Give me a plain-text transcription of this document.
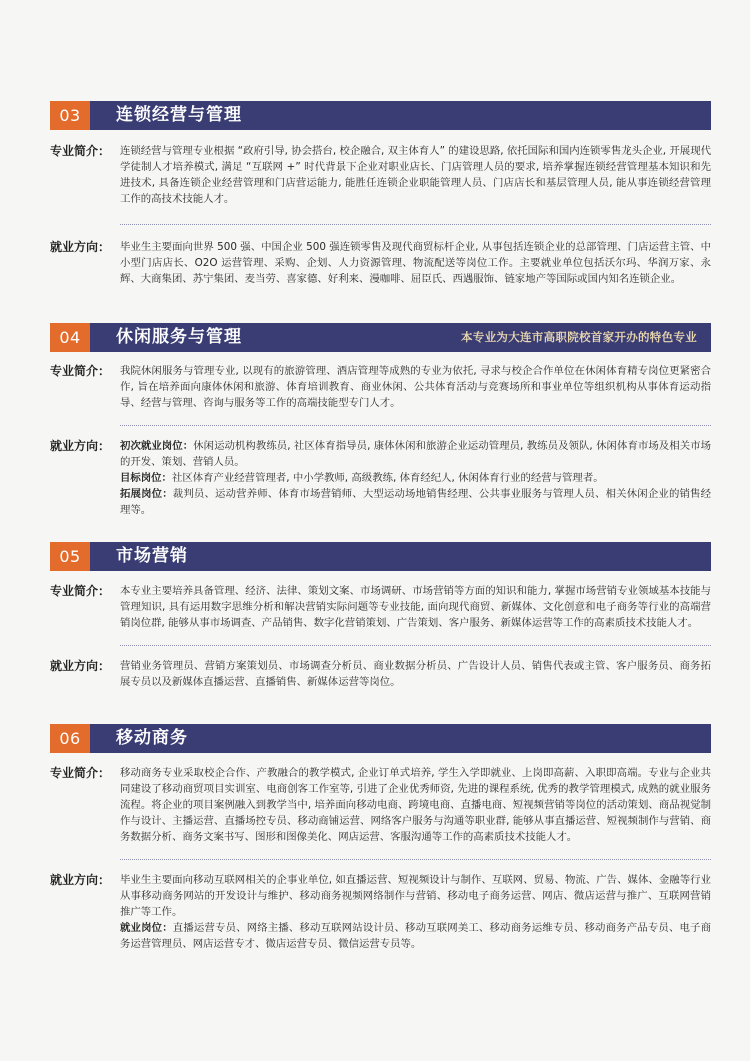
03	连锁经营与管理
专业简介： 连锁经营与管理专业根据 “政府引导, 协会搭台, 校企融合, 双主体育人” 的建设思路, 依托国际和国内连锁零售龙头企业, 开展现代学徒制人才培养模式, 满足 “互联网 +” 时代背景下企业对职业店长、门店管理人员的要求, 培养掌握连锁经营管理基本知识和先进技术, 具备连锁企业经营管理和门店营运能力, 能胜任连锁企业职能管理人员、门店店长和基层管理人员, 能从事连锁经营管理工作的高技术技能人才。
就业方向： 毕业生主要面向世界 500 强、中国企业 500 强连锁零售及现代商贸标杆企业, 从事包括连锁企业的总部管理、门店运营主管、中小型门店店长、O2O 运营管理、采购、企划、人力资源管理、物流配送等岗位工作。主要就业单位包括沃尔玛、华润万家、永辉、大商集团、苏宁集团、麦当劳、喜家德、好利来、漫咖啡、屈臣氏、西遇服饰、链家地产等国际或国内知名连锁企业。
04	休闲服务与管理	本专业为大连市高职院校首家开办的特色专业
专业简介： 我院休闲服务与管理专业, 以现有的旅游管理、酒店管理等成熟的专业为依托, 寻求与校企合作单位在休闲体育精专岗位更紧密合作, 旨在培养面向康体休闲和旅游、体育培训教育、商业休闲、公共体育活动与竞赛场所和事业单位等组织机构从事体育运动指导、经营与管理、咨询与服务等工作的高端技能型专门人才。
就业方向： 初次就业岗位：休闲运动机构教练员, 社区体育指导员, 康体休闲和旅游企业运动管理员, 教练员及领队, 休闲体育市场及相关市场的开发、策划、营销人员。
目标岗位：社区体育产业经营管理者, 中小学教师, 高级教练, 体育经纪人, 休闲体育行业的经营与管理者。
拓展岗位：裁判员、运动营养师、体育市场营销师、大型运动场地销售经理、公共事业服务与管理人员、相关休闲企业的销售经理等。
05	市场营销
专业简介： 本专业主要培养具备管理、经济、法律、策划文案、市场调研、市场营销等方面的知识和能力, 掌握市场营销专业领域基本技能与管理知识, 具有运用数字思维分析和解决营销实际问题等专业技能, 面向现代商贸、新媒体、文化创意和电子商务等行业的高端营销岗位群, 能够从事市场调查、产品销售、数字化营销策划、广告策划、客户服务、新媒体运营等工作的高素质技术技能人才。
就业方向： 营销业务管理员、营销方案策划员、市场调查分析员、商业数据分析员、广告设计人员、销售代表或主管、客户服务员、商务拓展专员以及新媒体直播运营、直播销售、新媒体运营等岗位。
06	移动商务
专业简介： 移动商务专业采取校企合作、产教融合的教学模式, 企业订单式培养, 学生入学即就业、上岗即高薪、入职即高端。专业与企业共同建设了移动商贸项目实训室、电商创客工作室等, 引进了企业优秀师资, 先进的课程系统, 优秀的教学管理模式, 成熟的就业服务流程。将企业的项目案例融入到教学当中, 培养面向移动电商、跨境电商、直播电商、短视频营销等岗位的活动策划、商品视觉制作与设计、主播运营、直播场控专员、移动商铺运营、网络客户服务与沟通等职业群, 能够从事直播运营、短视频制作与营销、商务数据分析、商务文案书写、图形和图像美化、网店运营、客服沟通等工作的高素质技术技能人才。
就业方向： 毕业生主要面向移动互联网相关的企事业单位, 如直播运营、短视频设计与制作、互联网、贸易、物流、广告、媒体、金融等行业从事移动商务网站的开发设计与维护、移动商务视频网络制作与营销、移动电子商务运营、网店、微店运营与推广、互联网营销推广等工作。
就业岗位：直播运营专员、网络主播、移动互联网站设计员、移动互联网美工、移动商务运维专员、移动商务产品专员、电子商务运营管理员、网店运营专才、微店运营专员、微信运营专员等。
